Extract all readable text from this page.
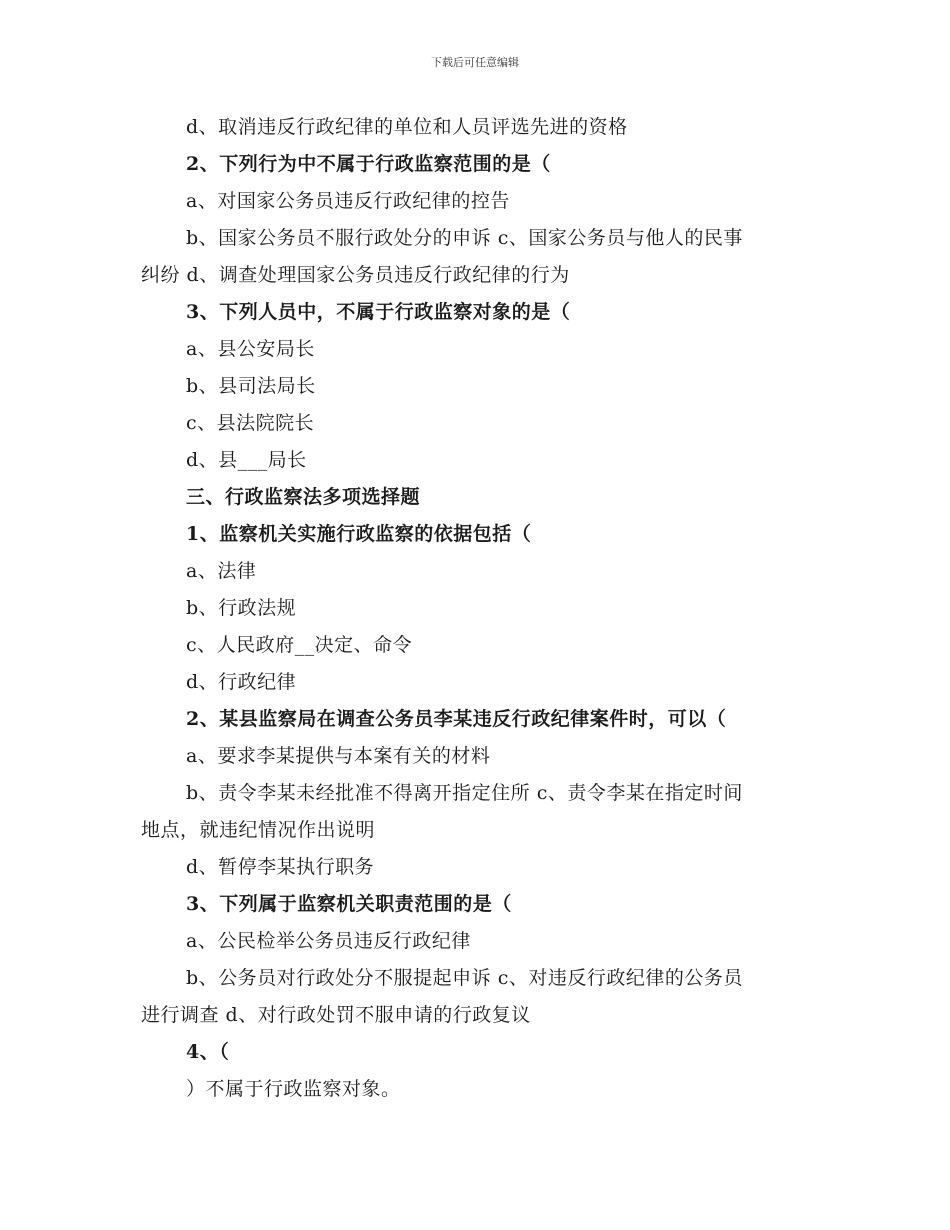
下载后可任意编辑
d、取消违反行政纪律的单位和人员评选先进的资格
2、下列行为中不属于行政监察范围的是（
a、对国家公务员违反行政纪律的控告
b、国家公务员不服行政处分的申诉 c、国家公务员与他人的民事
纠纷 d、调查处理国家公务员违反行政纪律的行为
3、下列人员中，不属于行政监察对象的是（
a、县公安局长
b、县司法局长
c、县法院院长
d、县___局长
三、行政监察法多项选择题
1、监察机关实施行政监察的依据包括（
a、法律
b、行政法规
c、人民政府__决定、命令
d、行政纪律
2、某县监察局在调查公务员李某违反行政纪律案件时，可以（
a、要求李某提供与本案有关的材料
b、责令李某未经批准不得离开指定住所 c、责令李某在指定时间
地点，就违纪情况作出说明
d、暂停李某执行职务
3、下列属于监察机关职责范围的是（
a、公民检举公务员违反行政纪律
b、公务员对行政处分不服提起申诉 c、对违反行政纪律的公务员
进行调查 d、对行政处罚不服申请的行政复议
4、（
）不属于行政监察对象。
